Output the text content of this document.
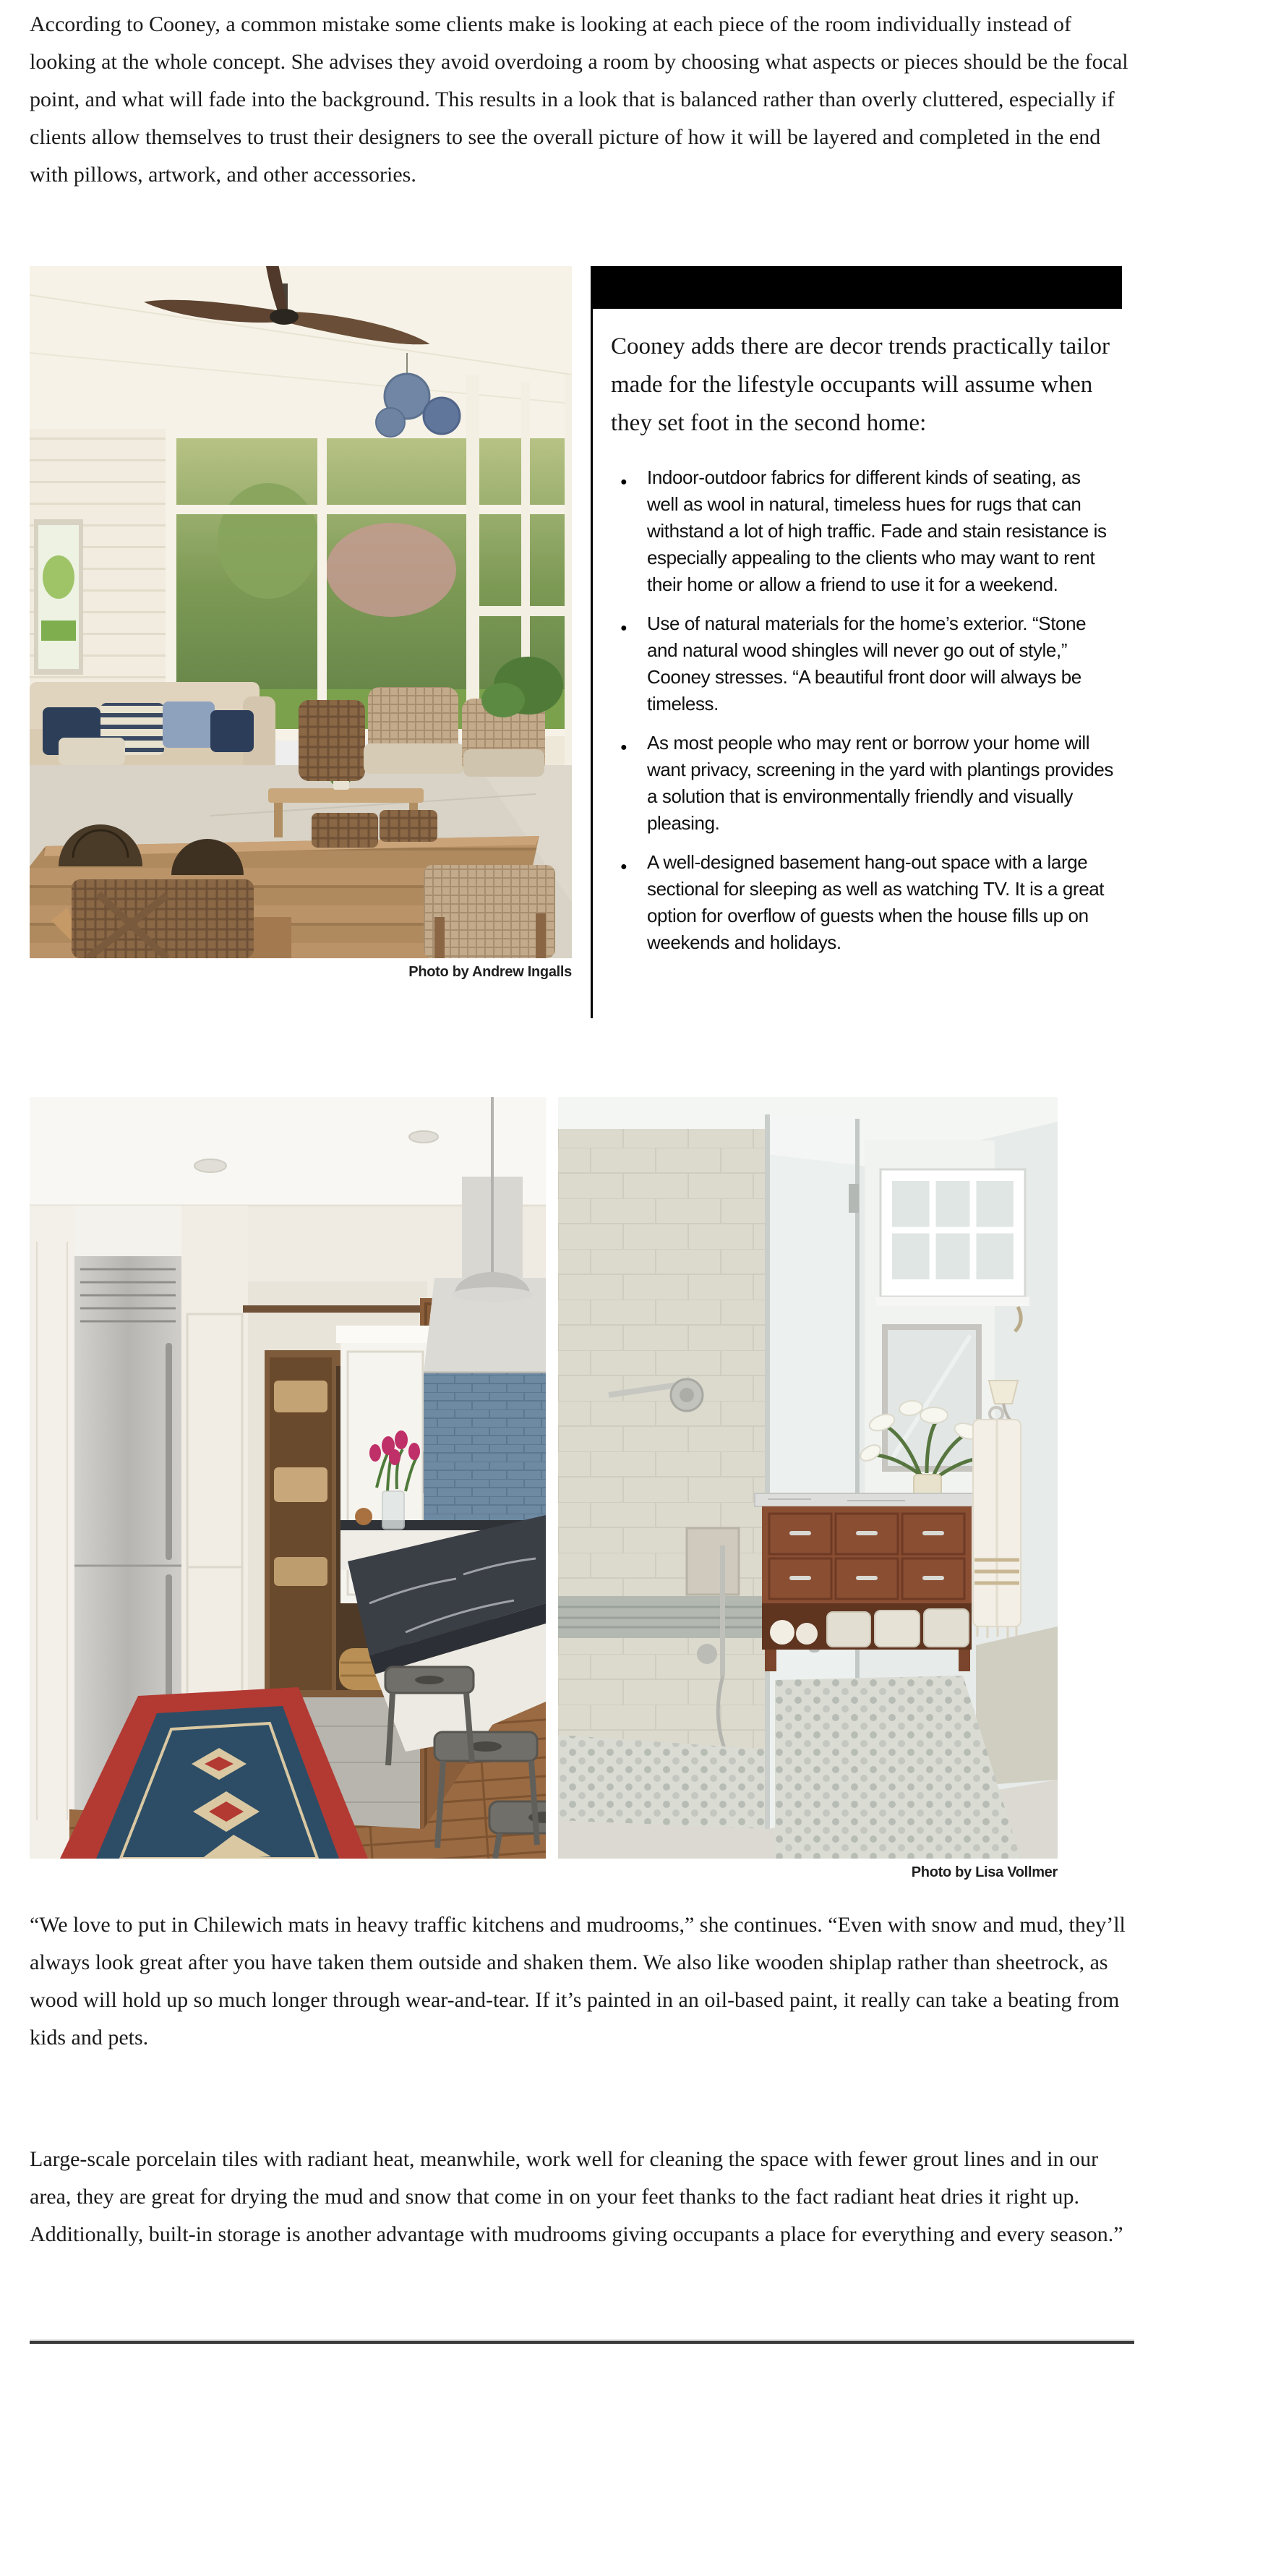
According to Cooney, a common mistake some clients make is looking at each piece of the room individually instead of looking at the whole concept. She advises they avoid overdoing a room by choosing what aspects or pieces should be the focal point, and what will fade into the background. This results in a look that is balanced rather than overly cluttered, especially if clients allow themselves to trust their designers to see the overall picture of how it will be layered and completed in the end with pillows, artwork, and other accessories.

Photo by Andrew Ingalls

Cooney adds there are decor trends practically tailor made for the lifestyle occupants will assume when they set foot in the second home:

● Indoor-outdoor fabrics for different kinds of seating, as well as wool in natural, timeless hues for rugs that can withstand a lot of high traffic. Fade and stain resistance is especially appealing to the clients who may want to rent their home or allow a friend to use it for a weekend.
● Use of natural materials for the home’s exterior. “Stone and natural wood shingles will never go out of style,” Cooney stresses. “A beautiful front door will always be timeless.
● As most people who may rent or borrow your home will want privacy, screening in the yard with plantings provides a solution that is environmentally friendly and visually pleasing.
● A well-designed basement hang-out space with a large sectional for sleeping as well as watching TV. It is a great option for overflow of guests when the house fills up on weekends and holidays.
Photo by Lisa Vollmer

“We love to put in Chilewich mats in heavy traffic kitchens and mudrooms,” she continues. “Even with snow and mud, they’ll always look great after you have taken them outside and shaken them. We also like wooden shiplap rather than sheetrock, as wood will hold up so much longer through wear-and-tear. If it’s painted in an oil-based paint, it really can take a beating from kids and pets.

Large-scale porcelain tiles with radiant heat, meanwhile, work well for cleaning the space with fewer grout lines and in our area, they are great for drying the mud and snow that come in on your feet thanks to the fact radiant heat dries it right up. Additionally, built-in storage is another advantage with mudrooms giving occupants a place for everything and every season.”
